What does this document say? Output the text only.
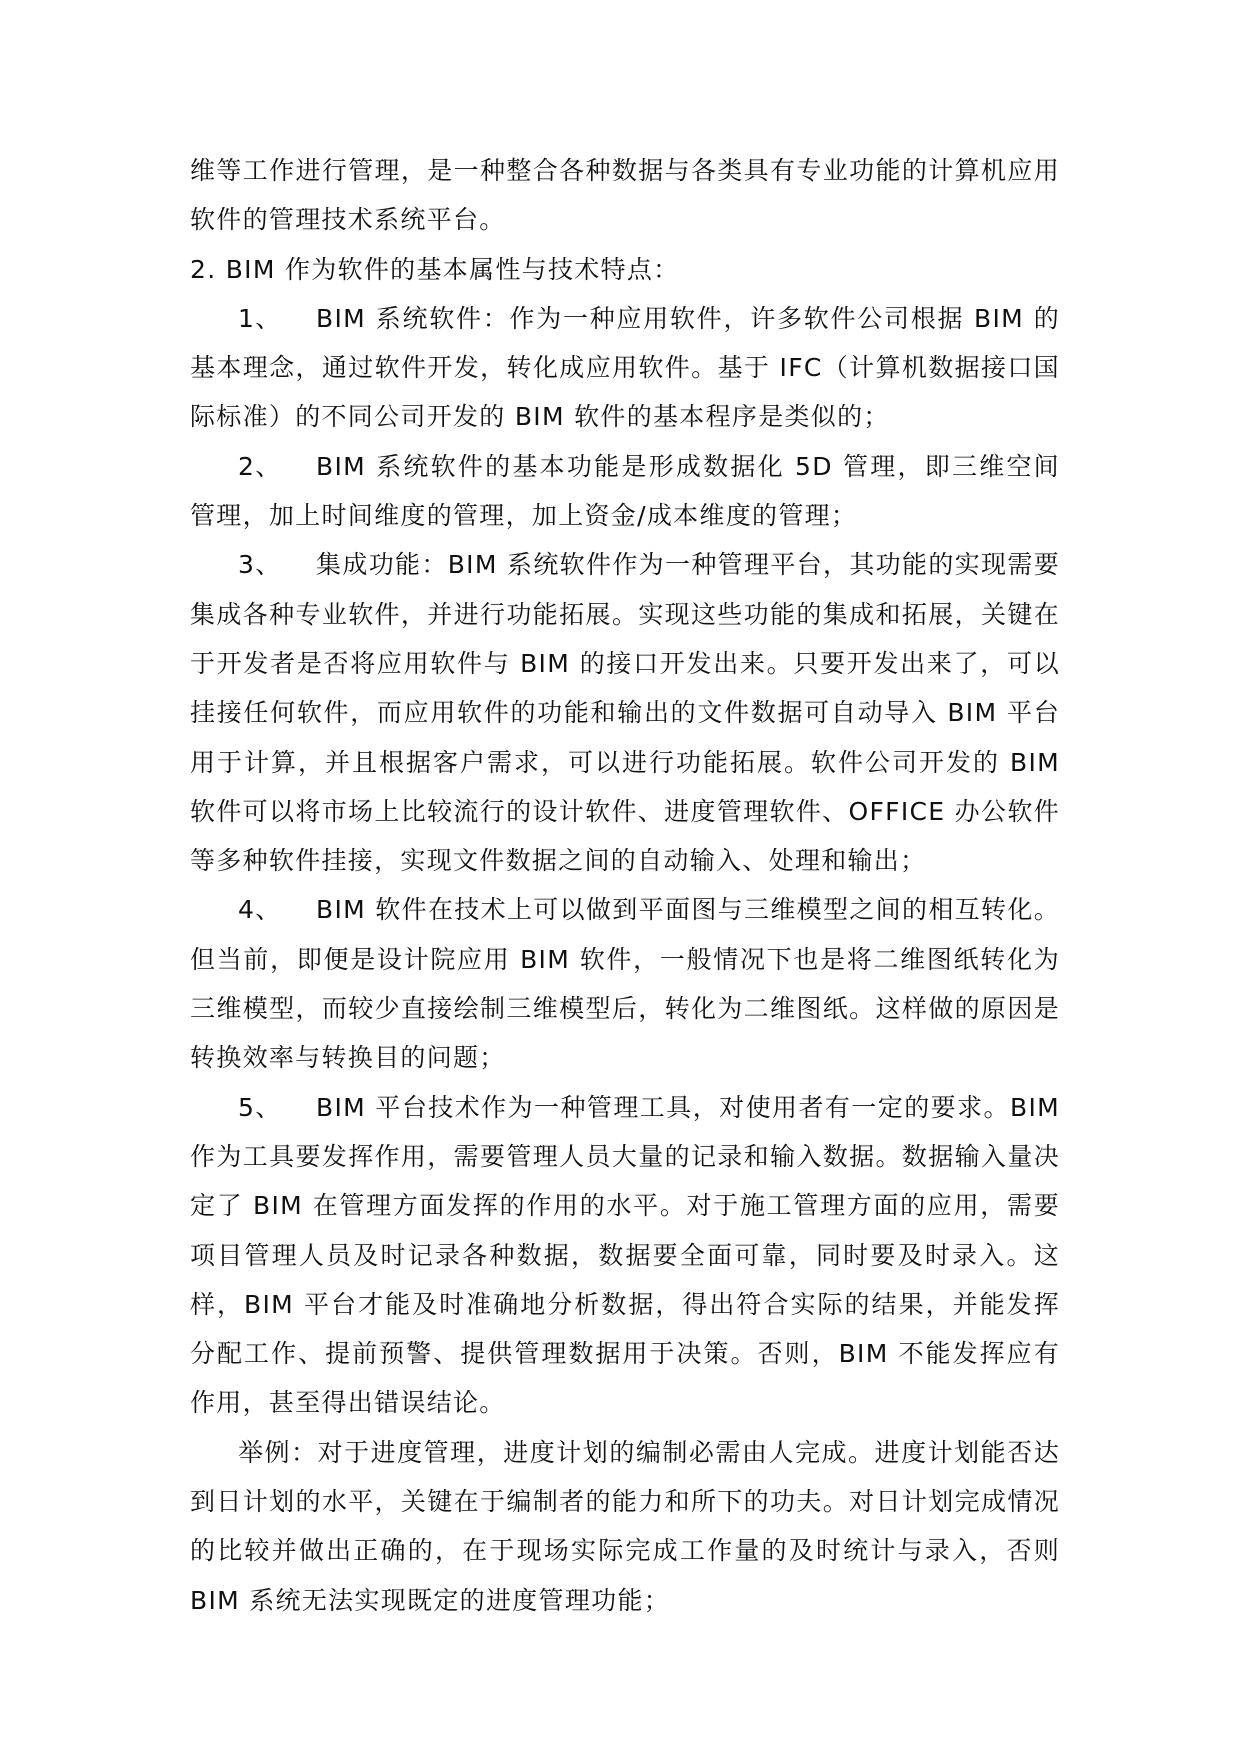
维等工作进行管理，是一种整合各种数据与各类具有专业功能的计算机应用软件的管理技术系统平台。

2. BIM 作为软件的基本属性与技术特点：

1、 BIM 系统软件：作为一种应用软件，许多软件公司根据 BIM 的基本理念，通过软件开发，转化成应用软件。基于 IFC（计算机数据接口国际标准）的不同公司开发的 BIM 软件的基本程序是类似的；

2、 BIM 系统软件的基本功能是形成数据化 5D 管理，即三维空间管理，加上时间维度的管理，加上资金/成本维度的管理；

3、 集成功能：BIM 系统软件作为一种管理平台，其功能的实现需要集成各种专业软件，并进行功能拓展。实现这些功能的集成和拓展，关键在于开发者是否将应用软件与 BIM 的接口开发出来。只要开发出来了，可以挂接任何软件，而应用软件的功能和输出的文件数据可自动导入 BIM 平台用于计算，并且根据客户需求，可以进行功能拓展。软件公司开发的 BIM 软件可以将市场上比较流行的设计软件、进度管理软件、OFFICE 办公软件等多种软件挂接，实现文件数据之间的自动输入、处理和输出；

4、 BIM 软件在技术上可以做到平面图与三维模型之间的相互转化。但当前，即便是设计院应用 BIM 软件，一般情况下也是将二维图纸转化为三维模型，而较少直接绘制三维模型后，转化为二维图纸。这样做的原因是转换效率与转换目的问题；

5、 BIM 平台技术作为一种管理工具，对使用者有一定的要求。BIM 作为工具要发挥作用，需要管理人员大量的记录和输入数据。数据输入量决定了 BIM 在管理方面发挥的作用的水平。对于施工管理方面的应用，需要项目管理人员及时记录各种数据，数据要全面可靠，同时要及时录入。这样，BIM 平台才能及时准确地分析数据，得出符合实际的结果，并能发挥分配工作、提前预警、提供管理数据用于决策。否则，BIM 不能发挥应有作用，甚至得出错误结论。

举例：对于进度管理，进度计划的编制必需由人完成。进度计划能否达到日计划的水平，关键在于编制者的能力和所下的功夫。对日计划完成情况的比较并做出正确的，在于现场实际完成工作量的及时统计与录入，否则 BIM 系统无法实现既定的进度管理功能；
